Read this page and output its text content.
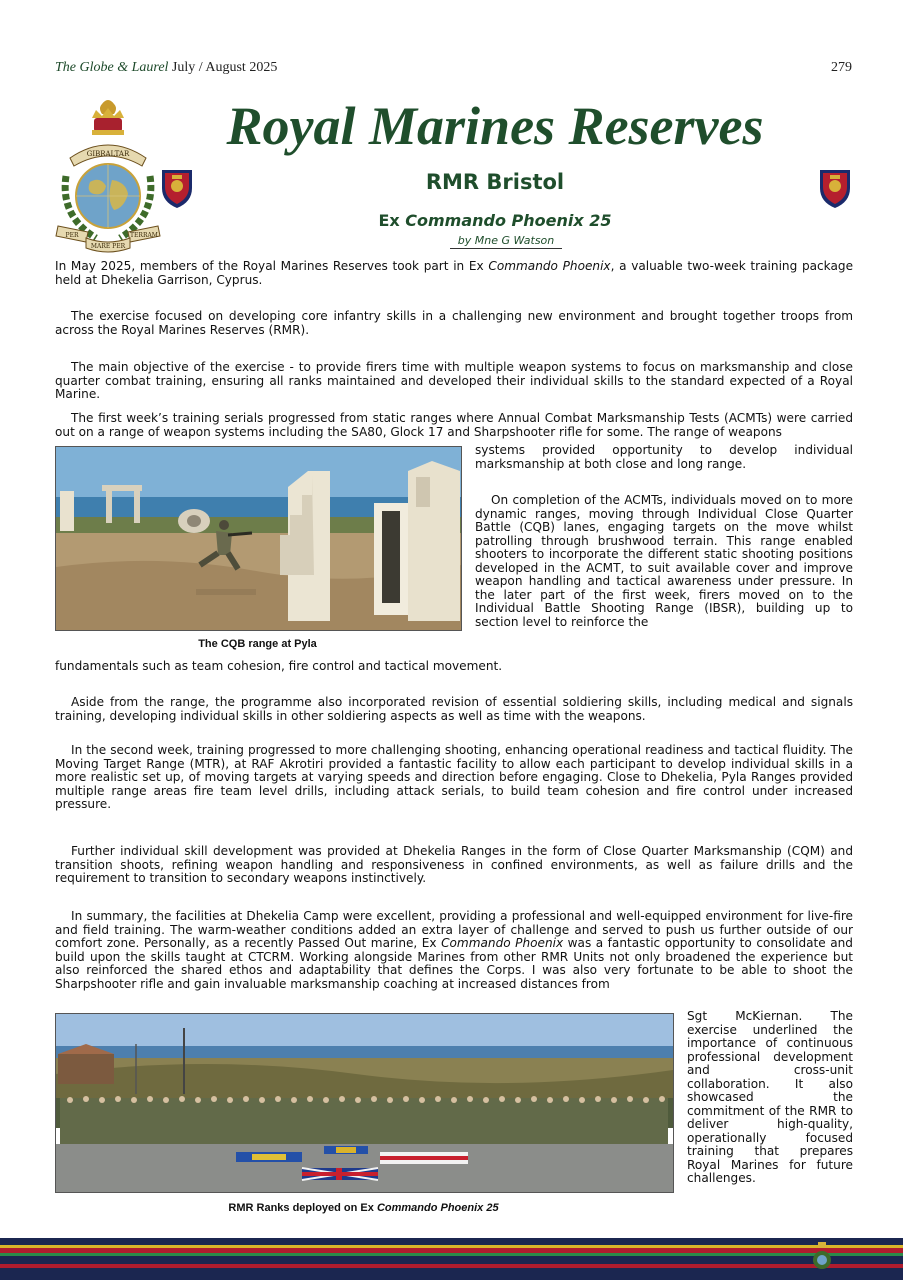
The Globe & Laurel July / August 2025	279
GIBRALTAR
PER
MARE PER
TERRAM
Royal Marines Reserves
RMR Bristol
Ex Commando Phoenix 25
by Mne G Watson
In May 2025, members of the Royal Marines Reserves took part in Ex Commando Phoenix, a valuable two-week training package held at Dhekelia Garrison, Cyprus.
The exercise focused on developing core infantry skills in a challenging new environment and brought together troops from across the Royal Marines Reserves (RMR).
The main objective of the exercise - to provide firers time with multiple weapon systems to focus on marksmanship and close quarter combat training, ensuring all ranks maintained and developed their individual skills to the standard expected of a Royal Marine.
The first week’s training serials progressed from static ranges where Annual Combat Marksmanship Tests (ACMTs) were carried out on a range of weapon systems including the SA80, Glock 17 and Sharpshooter rifle for some. The range of weapons
systems provided opportunity to develop individual marksmanship at both close and long range.
On completion of the ACMTs, individuals moved on to more dynamic ranges, moving through Individual Close Quarter Battle (CQB) lanes, engaging targets on the move whilst patrolling through brushwood terrain. This range enabled shooters to incorporate the different static shooting positions developed in the ACMT, to suit available cover and improve weapon handling and tactical awareness under pressure. In the later part of the first week, firers moved on to the Individual Battle Shooting Range (IBSR), building up to section level to reinforce the
fundamentals such as team cohesion, fire control and tactical movement.
Aside from the range, the programme also incorporated revision of essential soldiering skills, including medical and signals training, developing individual skills in other soldiering aspects as well as time with the weapons.
In the second week, training progressed to more challenging shooting, enhancing operational readiness and tactical fluidity. The Moving Target Range (MTR), at RAF Akrotiri provided a fantastic facility to allow each participant to develop individual skills in a more realistic set up, of moving targets at varying speeds and direction before engaging. Close to Dhekelia, Pyla Ranges provided multiple range areas fire team level drills, including attack serials, to build team cohesion and fire control under increased pressure.
Further individual skill development was provided at Dhekelia Ranges in the form of Close Quarter Marksmanship (CQM) and transition shoots, refining weapon handling and responsiveness in confined environments, as well as failure drills and the requirement to transition to secondary weapons instinctively.
In summary, the facilities at Dhekelia Camp were excellent, providing a professional and well-equipped environment for live-fire and field training. The warm-weather conditions added an extra layer of challenge and served to push us further outside of our comfort zone. Personally, as a recently Passed Out marine, Ex Commando Phoenix was a fantastic opportunity to consolidate and build upon the skills taught at CTCRM. Working alongside Marines from other RMR Units not only broadened the experience but also reinforced the shared ethos and adaptability that defines the Corps. I was also very fortunate to be able to shoot the Sharpshooter rifle and gain invaluable marksmanship coaching at increased distances from
Sgt McKiernan. The exercise underlined the importance of continuous professional development and cross-unit collaboration. It also showcased the commitment of the RMR to deliver high-quality, operationally focused training that prepares Royal Marines for future challenges.
The CQB range at Pyla
RMR Ranks deployed on Ex Commando Phoenix 25
